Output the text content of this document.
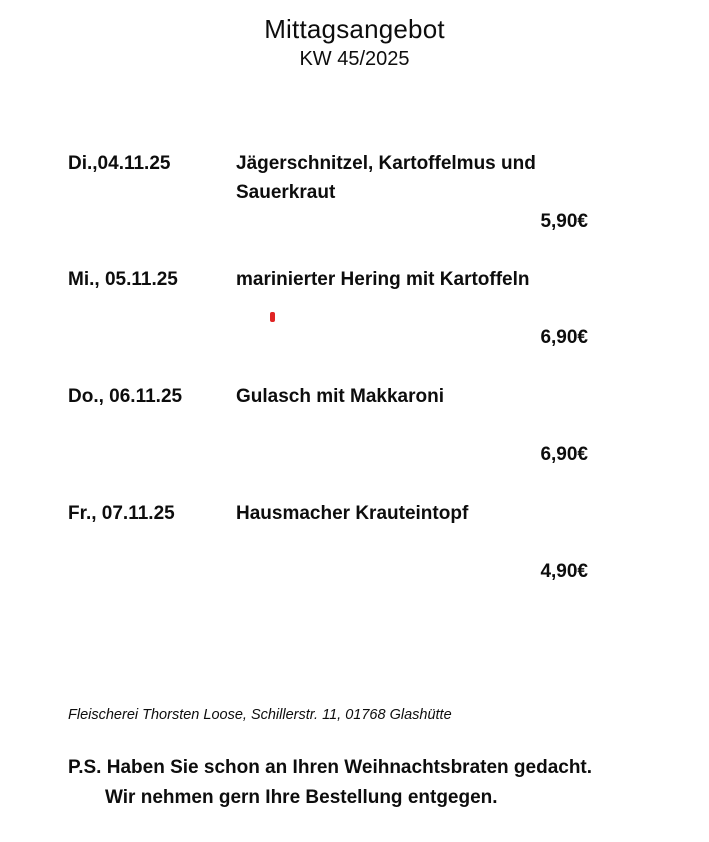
Mittagsangebot
KW 45/2025
Di.,04.11.25	Jägerschnitzel, Kartoffelmus und
Sauerkraut
5,90€
Mi., 05.11.25	marinierter Hering mit Kartoffeln
6,90€
Do., 06.11.25	Gulasch mit Makkaroni
6,90€
Fr., 07.11.25	Hausmacher Krauteintopf
4,90€
Fleischerei Thorsten Loose, Schillerstr. 11, 01768 Glashütte
P.S. Haben Sie schon an Ihren Weihnachtsbraten gedacht.
Wir nehmen gern Ihre Bestellung entgegen.
